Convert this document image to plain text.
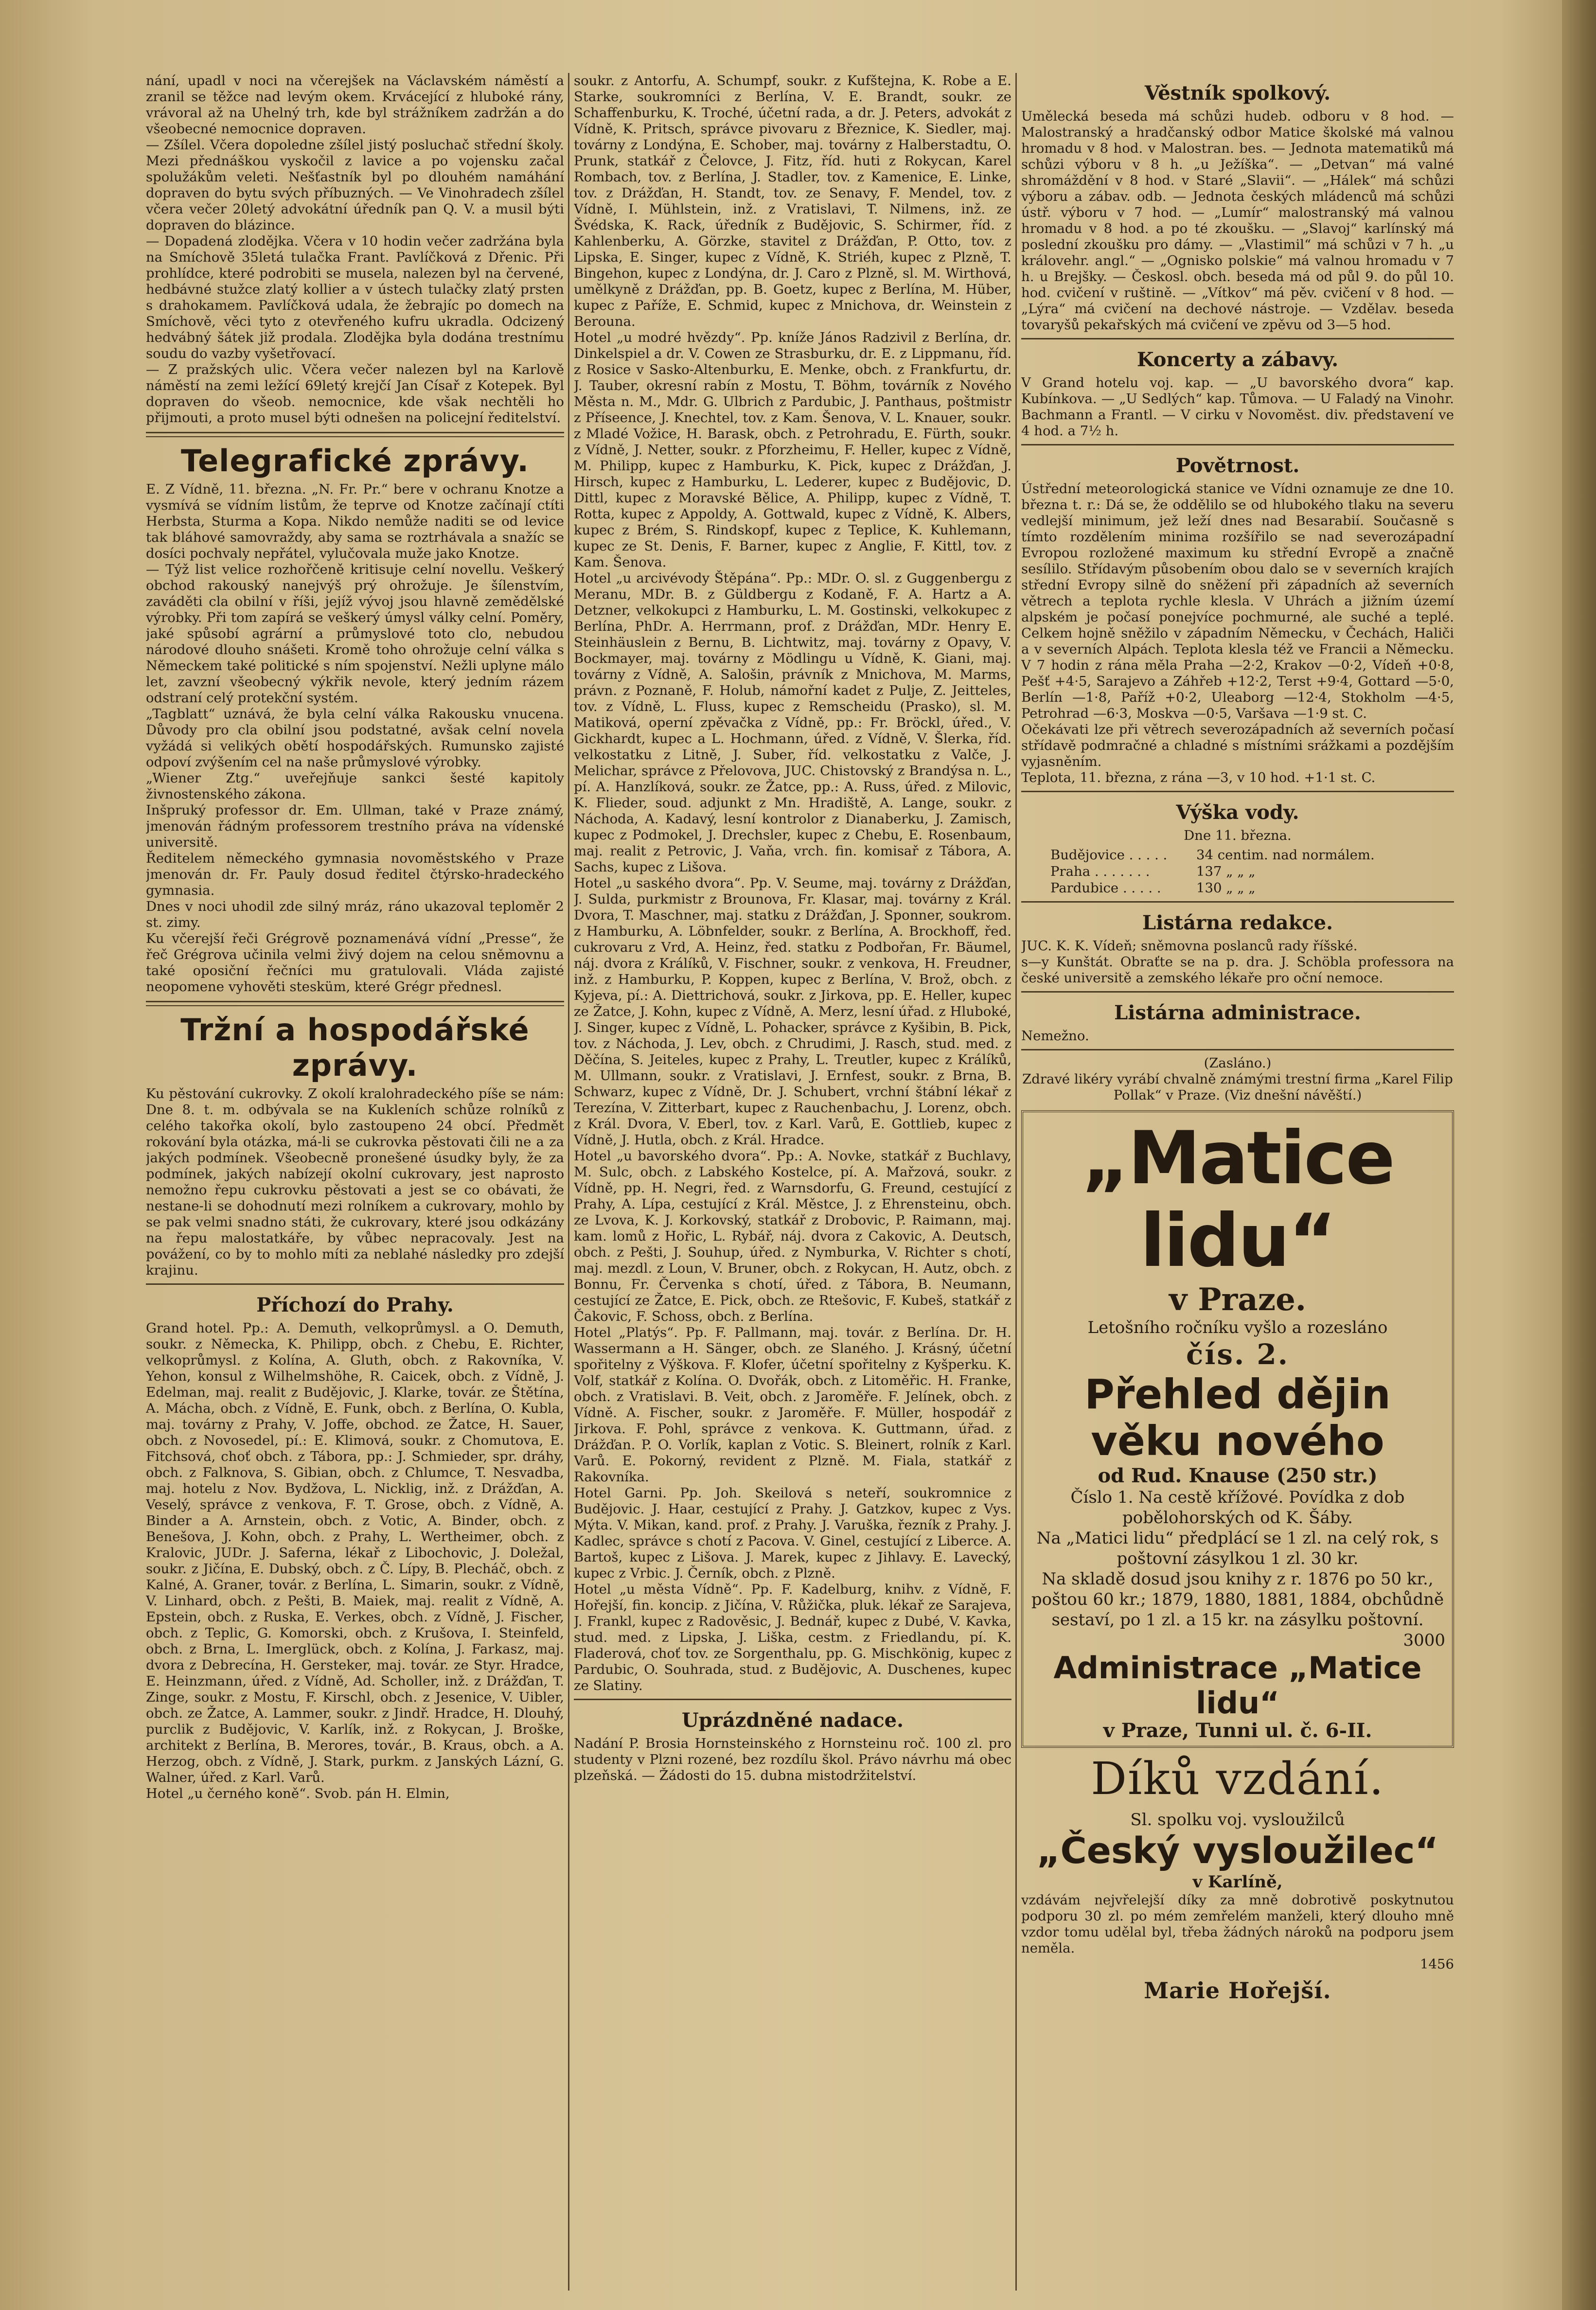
nání, upadl v noci na včerejšek na Václavském náměstí a zranil se těžce nad levým okem. Krvácející z hluboké rány, vrávoral až na Uhelný trh, kde byl strážníkem zadržán a do všeobecné nemocnice dopraven.

— Zšílel. Včera dopoledne zšílel jistý posluchač střední školy. Mezi přednáškou vyskočil z lavice a po vojensku začal spolužákům veleti. Nešťastník byl po dlouhém namáhání dopraven do bytu svých příbuzných. — Ve Vinohradech zšílel včera večer 20letý advokátní úředník pan Q. V. a musil býti dopraven do blázince.

— Dopadená zlodějka. Včera v 10 hodin večer zadržána byla na Smíchově 35letá tulačka Frant. Pavlíčková z Dřenic. Při prohlídce, které podrobiti se musela, nalezen byl na červené, hedbávné stužce zlatý kollier a v ústech tulačky zlatý prsten s drahokamem. Pavlíčková udala, že žebrajíc po domech na Smíchově, věci tyto z otevřeného kufru ukradla. Odcizený hedvábný šátek již prodala. Zlodějka byla dodána trestnímu soudu do vazby vyšetřovací.

— Z pražských ulic. Včera večer nalezen byl na Karlově náměstí na zemi ležící 69letý krejčí Jan Císař z Kotepek. Byl dopraven do všeob. nemocnice, kde však nechtěli ho přijmouti, a proto musel býti odnešen na policejní ředitelství.

Telegrafické zprávy.

E. Z Vídně, 11. března. „N. Fr. Pr.“ bere v ochranu Knotze a vysmívá se vídním listům, že teprve od Knotze začínají ctíti Herbsta, Sturma a Kopa. Nikdo nemůže naditi se od levice tak bláhové samovraždy, aby sama se roztrhávala a snažíc se dosíci pochvaly nepřátel, vylučovala muže jako Knotze.

— Týž list velice rozhořčeně kritisuje celní novellu. Veškerý obchod rakouský nanejvýš prý ohrožuje. Je šílenstvím, zaváděti cla obilní v říši, jejíž vývoj jsou hlavně zemědělské výrobky. Při tom zapírá se veškerý úmysl války celní. Poměry, jaké spůsobí agrární a průmyslové toto clo, nebudou národové dlouho snášeti. Kromě toho ohrožuje celní válka s Německem také politické s ním spojenství. Nežli uplyne málo let, zavzní všeobecný výkřik nevole, který jedním rázem odstraní celý protekční systém.

„Tagblatt“ uznává, že byla celní válka Rakousku vnucena. Důvody pro cla obilní jsou podstatné, avšak celní novela vyžádá si velikých obětí hospodářských. Rumunsko zajisté odpoví zvýšením cel na naše průmyslové výrobky.

„Wiener Ztg.“ uveřejňuje sankci šesté kapitoly živnostenského zákona.

Inšpruký professor dr. Em. Ullman, také v Praze známý, jmenován řádným professorem trestního práva na vídenské universitě.

Ředitelem německého gymnasia novoměstského v Praze jmenován dr. Fr. Pauly dosud ředitel čtýrsko-hradeckého gymnasia.

Dnes v noci uhodil zde silný mráz, ráno ukazoval teploměr 2 st. zimy.

Ku včerejší řeči Grégrově poznamenává vídní „Presse“, že řeč Grégrova učinila velmi živý dojem na celou sněmovnu a také oposiční řečníci mu gratulovali. Vláda zajisté neopomene vyhověti stesküm, které Grégr přednesl.

Tržní a hospodářské zprávy.

Ku pěstování cukrovky. Z okolí kralohradeckého píše se nám: Dne 8. t. m. odbývala se na Kukleních schůze rolníků z celého takořka okolí, bylo zastoupeno 24 obcí. Předmět rokování byla otázka, má-li se cukrovka pěstovati čili ne a za jakých podmínek. Všeobecně pronešené úsudky byly, že za podmínek, jakých nabízejí okolní cukrovary, jest naprosto nemožno řepu cukrovku pěstovati a jest se co obávati, že nestane-li se dohodnutí mezi rolníkem a cukrovary, mohlo by se pak velmi snadno státi, že cukrovary, které jsou odkázány na řepu malostatkáře, by vůbec nepracovaly. Jest na povážení, co by to mohlo míti za neblahé následky pro zdejší krajinu.

Příchozí do Prahy.

Grand hotel. Pp.: A. Demuth, velkoprůmysl. a O. Demuth, soukr. z Německa, K. Philipp, obch. z Chebu, E. Richter, velkoprůmysl. z Kolína, A. Gluth, obch. z Rakovníka, V. Yehon, konsul z Wilhelmshöhe, R. Caicek, obch. z Vídně, J. Edelman, maj. realit z Budějovic, J. Klarke, továr. ze Štětína, A. Mácha, obch. z Vídně, E. Funk, obch. z Berlína, O. Kubla, maj. továrny z Prahy, V. Joffe, obchod. ze Žatce, H. Sauer, obch. z Novosedel, pí.: E. Klimová, soukr. z Chomutova, E. Fitchsová, choť obch. z Tábora, pp.: J. Schmieder, spr. dráhy, obch. z Falknova, S. Gibian, obch. z Chlumce, T. Nesvadba, maj. hotelu z Nov. Bydžova, L. Nicklig, inž. z Drážďan, A. Veselý, správce z venkova, F. T. Grose, obch. z Vídně, A. Binder a A. Arnstein, obch. z Votic, A. Binder, obch. z Benešova, J. Kohn, obch. z Prahy, L. Wertheimer, obch. z Kralovic, JUDr. J. Saferna, lékař z Libochovic, J. Doležal, soukr. z Jičína, E. Dubský, obch. z Č. Lípy, B. Plecháč, obch. z Kalné, A. Graner, továr. z Berlína, L. Simarin, soukr. z Vídně, V. Linhard, obch. z Pešti, B. Maiek, maj. realit z Vídně, A. Epstein, obch. z Ruska, E. Verkes, obch. z Vídně, J. Fischer, obch. z Teplic, G. Komorski, obch. z Krušova, I. Steinfeld, obch. z Brna, L. Imerglück, obch. z Kolína, J. Farkasz, maj. dvora z Debrecína, H. Gersteker, maj. továr. ze Styr. Hradce, E. Heinzmann, úřed. z Vídně, Ad. Scholler, inž. z Drážďan, T. Zinge, soukr. z Mostu, F. Kirschl, obch. z Jesenice, V. Uibler, obch. ze Žatce, A. Lammer, soukr. z Jindř. Hradce, H. Dlouhý, purclik z Budějovic, V. Karlík, inž. z Rokycan, J. Broške, architekt z Berlína, B. Merores, továr., B. Kraus, obch. a A. Herzog, obch. z Vídně, J. Stark, purkm. z Janských Lázní, G. Walner, úřed. z Karl. Varů.

Hotel „u černého koně“. Svob. pán H. Elmin,

soukr. z Antorfu, A. Schumpf, soukr. z Kufštejna, K. Robe a E. Starke, soukromníci z Berlína, V. E. Brandt, soukr. ze Schaffenburku, K. Troché, účetní rada, a dr. J. Peters, advokát z Vídně, K. Pritsch, správce pivovaru z Březnice, K. Siedler, maj. továrny z Londýna, E. Schober, maj. továrny z Halberstadtu, O. Prunk, statkář z Čelovce, J. Fitz, říd. huti z Rokycan, Karel Rombach, tov. z Berlína, J. Stadler, tov. z Kamenice, E. Linke, tov. z Drážďan, H. Standt, tov. ze Senavy, F. Mendel, tov. z Vídně, I. Mühlstein, inž. z Vratislavi, T. Nilmens, inž. ze Švédska, K. Rack, úředník z Budějovic, S. Schirmer, říd. z Kahlenberku, A. Görzke, stavitel z Drážďan, P. Otto, tov. z Lipska, E. Singer, kupec z Vídně, K. Striéh, kupec z Plzně, T. Bingehon, kupec z Londýna, dr. J. Caro z Plzně, sl. M. Wirthová, umělkyně z Drážďan, pp. B. Goetz, kupec z Berlína, M. Hüber, kupec z Paříže, E. Schmid, kupec z Mnichova, dr. Weinstein z Berouna.

Hotel „u modré hvězdy“. Pp. kníže János Radzivil z Berlína, dr. Dinkelspiel a dr. V. Cowen ze Strasburku, dr. E. z Lippmanu, říd. z Rosice v Sasko-Altenburku, E. Menke, obch. z Frankfurtu, dr. J. Tauber, okresní rabín z Mostu, T. Böhm, továrník z Nového Města n. M., Mdr. G. Ulbrich z Pardubic, J. Panthaus, poštmistr z Příseence, J. Knechtel, tov. z Kam. Šenova, V. L. Knauer, soukr. z Mladé Vožice, H. Barask, obch. z Petrohradu, E. Fürth, soukr. z Vídně, J. Netter, soukr. z Pforzheimu, F. Heller, kupec z Vídně, M. Philipp, kupec z Hamburku, K. Pick, kupec z Drážďan, J. Hirsch, kupec z Hamburku, L. Lederer, kupec z Budějovic, D. Dittl, kupec z Moravské Bělice, A. Philipp, kupec z Vídně, T. Rotta, kupec z Appoldy, A. Gottwald, kupec z Vídně, K. Albers, kupec z Brém, S. Rindskopf, kupec z Teplice, K. Kuhlemann, kupec ze St. Denis, F. Barner, kupec z Anglie, F. Kittl, tov. z Kam. Šenova.

Hotel „u arcivévody Štěpána“. Pp.: MDr. O. sl. z Guggenbergu z Meranu, MDr. B. z Güldbergu z Kodaně, F. A. Hartz a A. Detzner, velkokupci z Hamburku, L. M. Gostinski, velkokupec z Berlína, PhDr. A. Herrmann, prof. z Drážďan, MDr. Henry E. Steinhäuslein z Bernu, B. Lichtwitz, maj. továrny z Opavy, V. Bockmayer, maj. továrny z Mödlingu u Vídně, K. Giani, maj. továrny z Vídně, A. Salošin, právník z Mnichova, M. Marms, právn. z Poznaně, F. Holub, námořní kadet z Pulje, Z. Jeitteles, tov. z Vídně, L. Fluss, kupec z Remscheidu (Prasko), sl. M. Matiková, operní zpěvačka z Vídně, pp.: Fr. Bröckl, úřed., V. Gickhardt, kupec a L. Hochmann, úřed. z Vídně, V. Šlerka, říd. velkostatku z Litně, J. Suber, říd. velkostatku z Valče, J. Melichar, správce z Přelovova, JUC. Chistovský z Brandýsa n. L., pí. A. Hanzlíková, soukr. ze Žatce, pp.: A. Russ, úřed. z Milovic, K. Flieder, soud. adjunkt z Mn. Hradiště, A. Lange, soukr. z Náchoda, A. Kadavý, lesní kontrolor z Dianaberku, J. Zamisch, kupec z Podmokel, J. Drechsler, kupec z Chebu, E. Rosenbaum, maj. realit z Petrovic, J. Vaňa, vrch. fin. komisař z Tábora, A. Sachs, kupec z Lišova.

Hotel „u saského dvora“. Pp. V. Seume, maj. továrny z Drážďan, J. Sulda, purkmistr z Brounova, Fr. Klasar, maj. továrny z Král. Dvora, T. Maschner, maj. statku z Drážďan, J. Sponner, soukrom. z Hamburku, A. Löbnfelder, soukr. z Berlína, A. Brockhoff, řed. cukrovaru z Vrd, A. Heinz, řed. statku z Podbořan, Fr. Bäumel, náj. dvora z Králíků, V. Fischner, soukr. z venkova, H. Freudner, inž. z Hamburku, P. Koppen, kupec z Berlína, V. Brož, obch. z Kyjeva, pí.: A. Diettrichová, soukr. z Jirkova, pp. E. Heller, kupec ze Žatce, J. Kohn, kupec z Vídně, A. Merz, lesní úřad. z Hluboké, J. Singer, kupec z Vídně, L. Pohacker, správce z Kyšibin, B. Pick, tov. z Náchoda, J. Lev, obch. z Chrudimi, J. Rasch, stud. med. z Děčína, S. Jeiteles, kupec z Prahy, L. Treutler, kupec z Králíků, M. Ullmann, soukr. z Vratislavi, J. Ernfest, soukr. z Brna, B. Schwarz, kupec z Vídně, Dr. J. Schubert, vrchní štábní lékař z Terezína, V. Zitterbart, kupec z Rauchenbachu, J. Lorenz, obch. z Král. Dvora, V. Eberl, tov. z Karl. Varů, E. Gottlieb, kupec z Vídně, J. Hutla, obch. z Král. Hradce.

Hotel „u bavorského dvora“. Pp.: A. Novke, statkář z Buchlavy, M. Sulc, obch. z Labského Kostelce, pí. A. Mařzová, soukr. z Vídně, pp. H. Negri, řed. z Warnsdorfu, G. Freund, cestující z Prahy, A. Lípa, cestující z Král. Městce, J. z Ehrensteinu, obch. ze Lvova, K. J. Korkovský, statkář z Drobovic, P. Raimann, maj. kam. lomů z Hořic, L. Rybář, náj. dvora z Cakovic, A. Deutsch, obch. z Pešti, J. Souhup, úřed. z Nymburka, V. Richter s chotí, maj. mezdl. z Loun, V. Bruner, obch. z Rokycan, H. Autz, obch. z Bonnu, Fr. Červenka s chotí, úřed. z Tábora, B. Neumann, cestující ze Žatce, E. Pick, obch. ze Rtešovic, F. Kubeš, statkář z Čakovic, F. Schoss, obch. z Berlína.

Hotel „Platýs“. Pp. F. Pallmann, maj. továr. z Berlína. Dr. H. Wassermann a H. Sänger, obch. ze Slaného. J. Krásný, účetní spořitelny z Výškova. F. Klofer, účetní spořitelny z Kyšperku. K. Volf, statkář z Kolína. O. Dvořák, obch. z Litoměřic. H. Franke, obch. z Vratislavi. B. Veit, obch. z Jaroměře. F. Jelínek, obch. z Vídně. A. Fischer, soukr. z Jaroměře. F. Müller, hospodář z Jirkova. F. Pohl, správce z venkova. K. Guttmann, úřad. z Drážďan. P. O. Vorlík, kaplan z Votic. S. Bleinert, rolník z Karl. Varů. E. Pokorný, revident z Plzně. M. Fiala, statkář z Rakovníka.

Hotel Garni. Pp. Joh. Skeilová s neteří, soukromnice z Budějovic. J. Haar, cestující z Prahy. J. Gatzkov, kupec z Vys. Mýta. V. Mikan, kand. prof. z Prahy. J. Varuška, řezník z Prahy. J. Kadlec, správce s chotí z Pacova. V. Ginel, cestující z Liberce. A. Bartoš, kupec z Lišova. J. Marek, kupec z Jihlavy. E. Lavecký, kupec z Vrbic. J. Černík, obch. z Plzně.

Hotel „u města Vídně“. Pp. F. Kadelburg, knihv. z Vídně, F. Hořejší, fin. koncip. z Jičína, V. Růžička, pluk. lékař ze Sarajeva, J. Frankl, kupec z Radověsic, J. Bednář, kupec z Dubé, V. Kavka, stud. med. z Lipska, J. Liška, cestm. z Friedlandu, pí. K. Fladerová, choť tov. ze Sorgenthalu, pp. G. Mischkönig, kupec z Pardubic, O. Souhrada, stud. z Budějovic, A. Duschenes, kupec ze Slatiny.

Uprázdněné nadace.

Nadání P. Brosia Hornsteinského z Hornsteinu roč. 100 zl. pro studenty v Plzni rozené, bez rozdílu škol. Právo návrhu má obec plzeňská. — Žádosti do 15. dubna mistodržitelství.

Věstník spolkový.

Umělecká beseda má schůzi hudeb. odboru v 8 hod. — Malostranský a hradčanský odbor Matice školské má valnou hromadu v 8 hod. v Malostran. bes. — Jednota matematiků má schůzi výboru v 8 h. „u Ježíška“. — „Detvan“ má valné shromáždění v 8 hod. v Staré „Slavii“. — „Hálek“ má schůzi výboru a zábav. odb. — Jednota českých mládenců má schůzi ústř. výboru v 7 hod. — „Lumír“ malostranský má valnou hromadu v 8 hod. a po té zkoušku. — „Slavoj“ karlínský má poslední zkoušku pro dámy. — „Vlastimil“ má schůzi v 7 h. „u královehr. angl.“ — „Ognisko polskie“ má valnou hromadu v 7 h. u Brejšky. — Českosl. obch. beseda má od půl 9. do půl 10. hod. cvičení v ruštině. — „Vítkov“ má pěv. cvičení v 8 hod. — „Lýra“ má cvičení na dechové nástroje. — Vzdělav. beseda tovaryšů pekařských má cvičení ve zpěvu od 3—5 hod.

Koncerty a zábavy.

V Grand hotelu voj. kap. — „U bavorského dvora“ kap. Kubínkova. — „U Sedlých“ kap. Tůmova. — U Faladý na Vinohr. Bachmann a Frantl. — V cirku v Novoměst. div. představení ve 4 hod. a 7½ h.

Povětrnost.

Ústřední meteorologická stanice ve Vídni oznamuje ze dne 10. března t. r.: Dá se, že oddělilo se od hlubokého tlaku na severu vedlejší minimum, jež leží dnes nad Besarabií. Současně s tímto rozdělením minima rozšířilo se nad severozápadní Evropou rozložené maximum ku střední Evropě a značně sesílilo. Střídavým působením obou dalo se v severních krajích střední Evropy silně do sněžení při západních až severních větrech a teplota rychle klesla. V Uhrách a jižním území alpském je počasí ponejvíce pochmurné, ale suché a teplé. Celkem hojně sněžilo v západním Německu, v Čechách, Haliči a v severních Alpách. Teplota klesla též ve Francii a Německu. V 7 hodin z rána měla Praha —2·2, Krakov —0·2, Vídeň +0·8, Pešť +4·5, Sarajevo a Záhřeb +12·2, Terst +9·4, Gottard —5·0, Berlín —1·8, Paříž +0·2, Uleaborg —12·4, Stokholm —4·5, Petrohrad —6·3, Moskva —0·5, Varšava —1·9 st. C.

Očekávati lze při větrech severozápadních až severních počasí střídavě podmračné a chladné s místními srážkami a pozdějším vyjasněním.

Teplota, 11. března, z rána —3, v 10 hod. +1·1 st. C.

Výška vody.

Dne 11. března.

Budějovice . . . . .	34 centim. nad normálem.
Praha . . . . . . .	137 „ „ „
Pardubice . . . . .	130 „ „ „
Listárna redakce.

JUC. K. K. Vídeň; sněmovna poslanců rady říšské.

s—y Kunštát. Obraťte se na p. dra. J. Schöbla professora na české universitě a zemského lékaře pro oční nemoce.

Listárna administrace.

Nemežno.

(Zasláno.)

Zdravé likéry vyrábí chvalně známými trestní firma „Karel Filip Pollak“ v Praze. (Viz dnešní návěští.)

„Matice lidu“
v Praze.
Letošního ročníku vyšlo a rozesláno
čís. 2.
Přehled dějin věku nového
od Rud. Knause (250 str.)
Číslo 1. Na cestě křížové. Povídka z dob pobělohorských od K. Šáby.
Na „Matici lidu“ předplácí se 1 zl. na celý rok, s poštovní zásylkou 1 zl. 30 kr.
Na skladě dosud jsou knihy z r. 1876 po 50 kr., poštou 60 kr.; 1879, 1880, 1881, 1884, obchůdně sestaví, po 1 zl. a 15 kr. na zásylku poštovní.
3000
Administrace „Matice lidu“
v Praze, Tunni ul. č. 6-II.
Díků vzdání.
Sl. spolku voj. vysloužilců
„Český vysloužilec“
v Karlíně,

vzdávám nejvřelejší díky za mně dobrotivě poskytnutou podporu 30 zl. po mém zemřelém manželi, který dlouho mně vzdor tomu udělal byl, třeba žádných nároků na podporu jsem neměla.

1456

Marie Hořejší.
